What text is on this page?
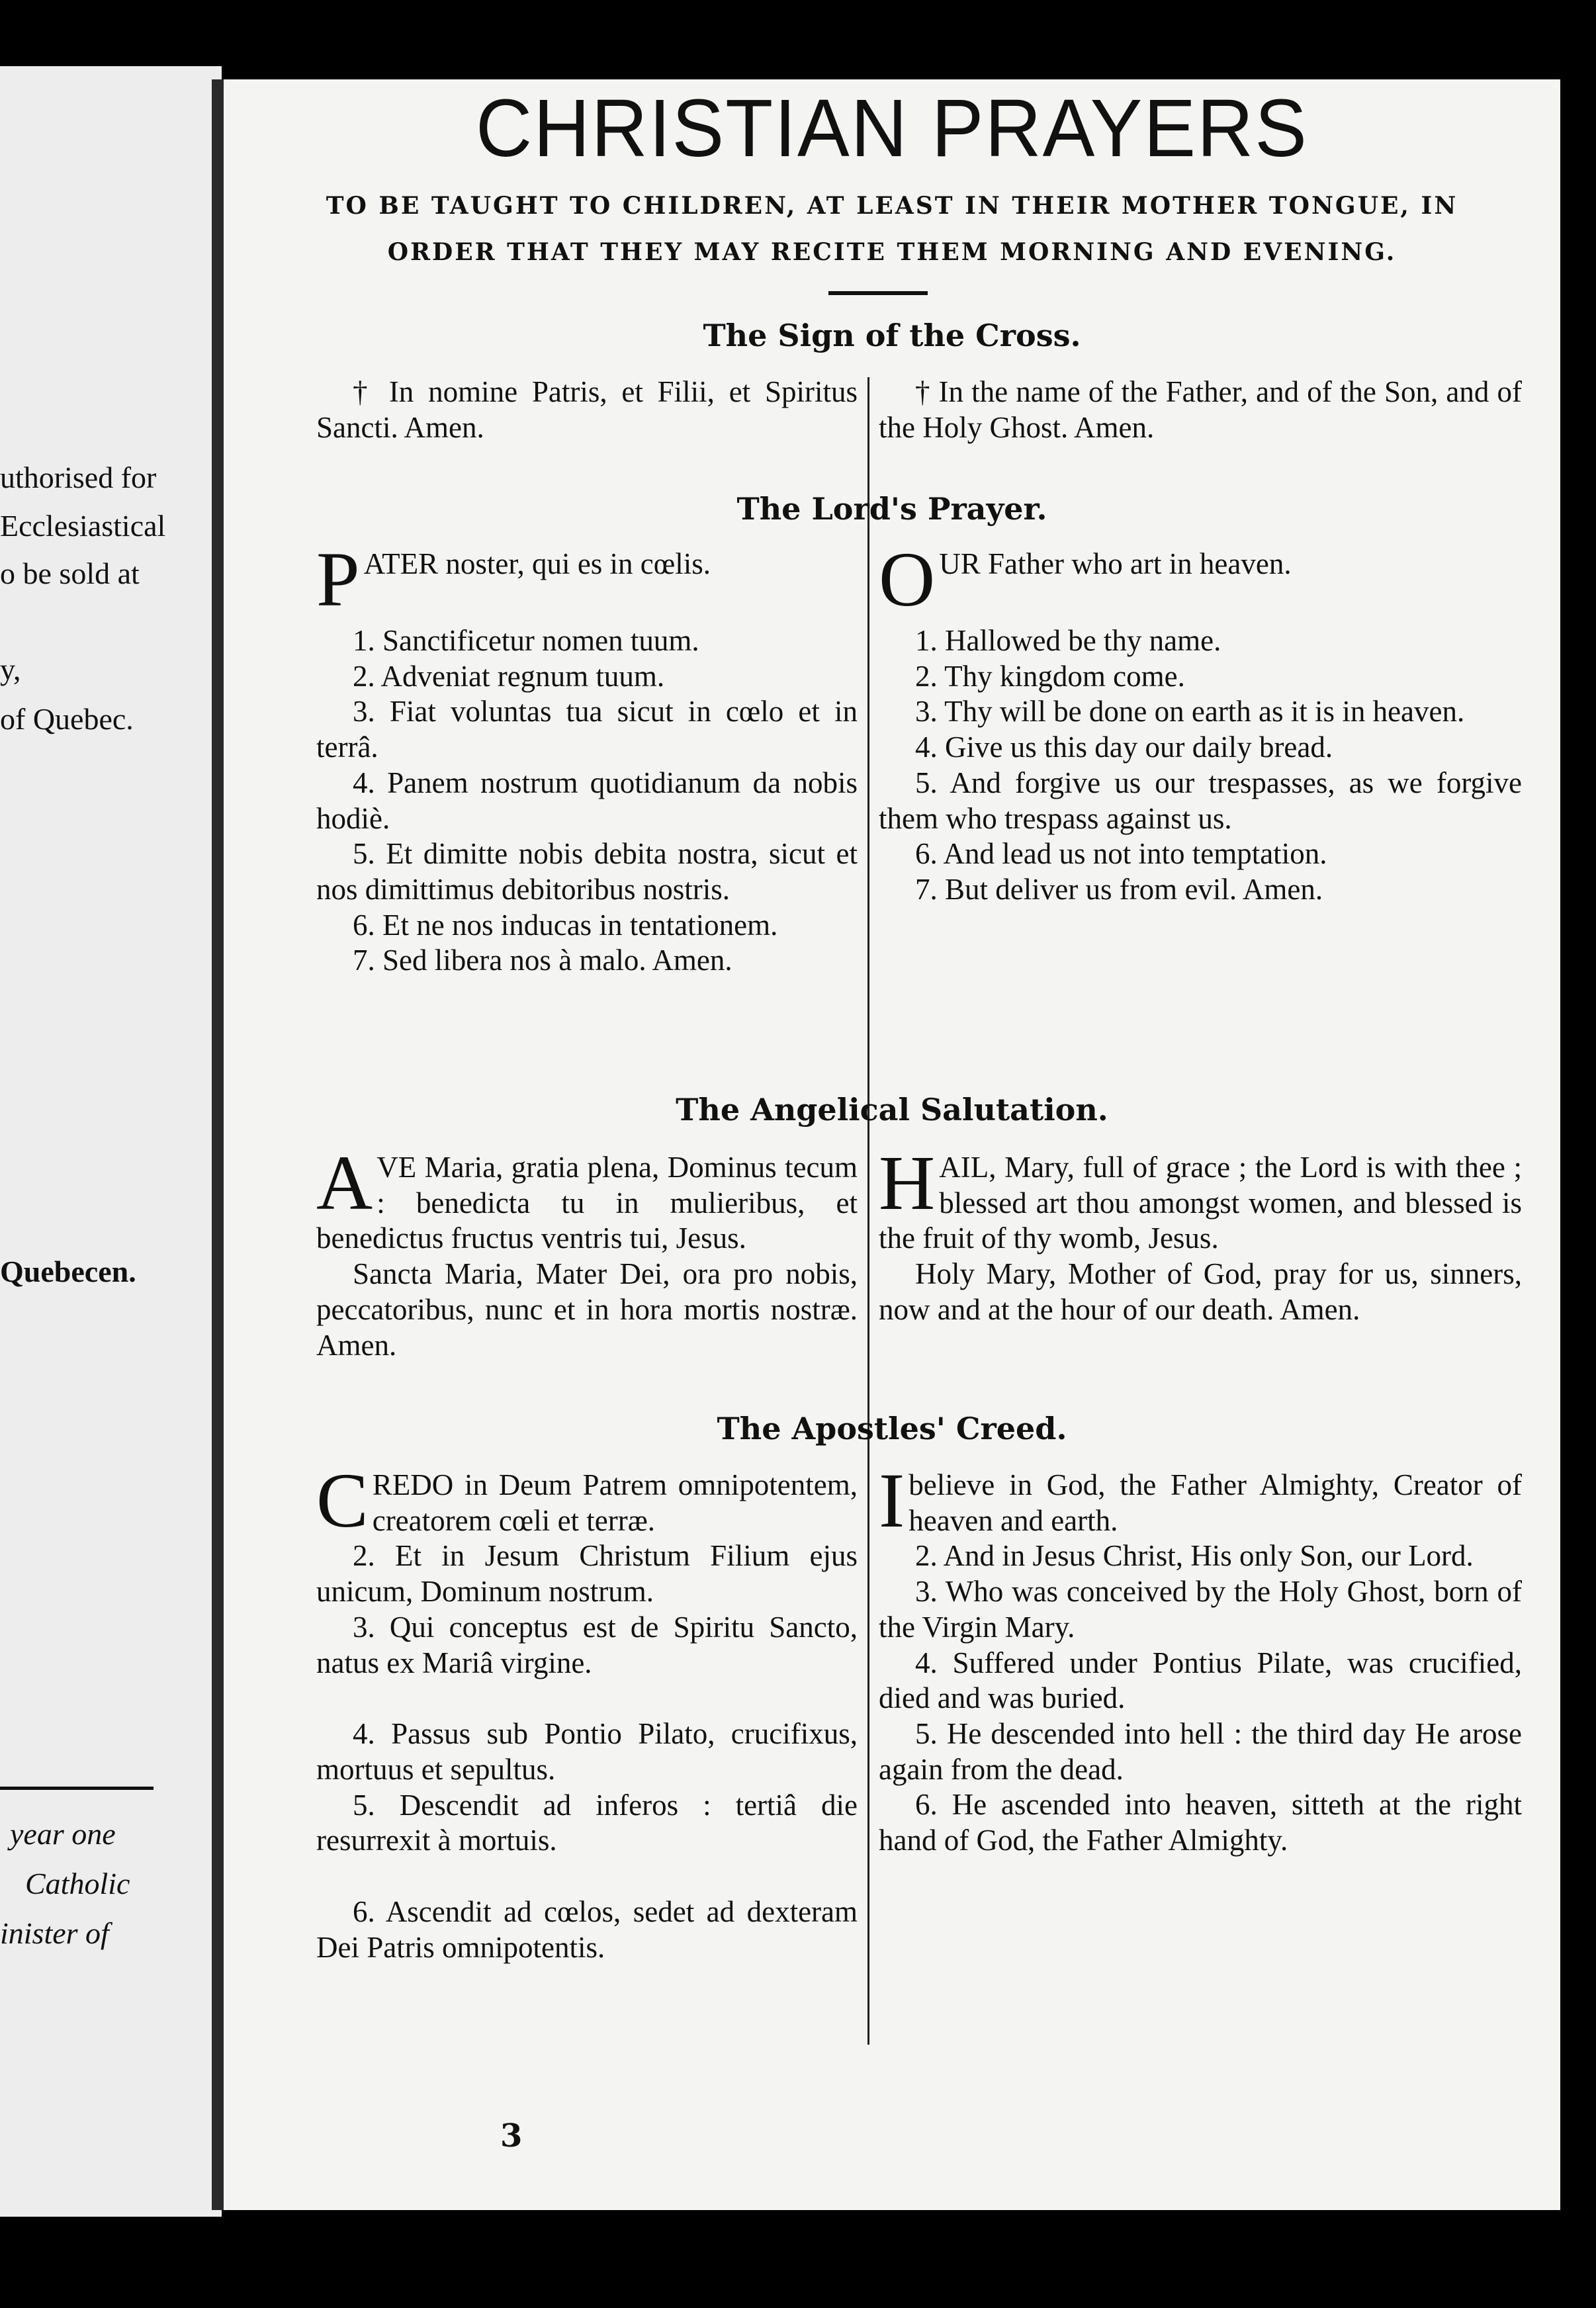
uthorised for
Ecclesiastical
o be sold at
y,
of Quebec.
Quebecen.
year one
Catholic
inister of
CHRISTIAN PRAYERS
TO BE TAUGHT TO CHILDREN, AT LEAST IN THEIR MOTHER TONGUE, IN
ORDER THAT THEY MAY RECITE THEM MORNING AND EVENING.
The Sign of the Cross.

† In nomine Patris, et Filii, et Spiritus Sancti. Amen.

† In the name of the Father, and of the Son, and of the Holy Ghost. Amen.

The Lord's Prayer.

PATER noster, qui es in cœlis.

1. Sanctificetur nomen tuum.

2. Adveniat regnum tuum.

3. Fiat voluntas tua sicut in cœlo et in terrâ.

4. Panem nostrum quotidianum da nobis hodiè.

5. Et dimitte nobis debita nostra, sicut et nos dimittimus debitoribus nostris.

6. Et ne nos inducas in tentationem.

7. Sed libera nos à malo. Amen.

OUR Father who art in heaven.

1. Hallowed be thy name.

2. Thy kingdom come.

3. Thy will be done on earth as it is in heaven.

4. Give us this day our daily bread.

5. And forgive us our trespasses, as we forgive them who trespass against us.

6. And lead us not into temptation.

7. But deliver us from evil. Amen.

The Angelical Salutation.

AVE Maria, gratia plena, Dominus tecum : benedicta tu in mulieribus, et benedictus fructus ventris tui, Jesus.

Sancta Maria, Mater Dei, ora pro nobis, peccatoribus, nunc et in hora mortis nostræ. Amen.

HAIL, Mary, full of grace ; the Lord is with thee ; blessed art thou amongst women, and blessed is the fruit of thy womb, Jesus.

Holy Mary, Mother of God, pray for us, sinners, now and at the hour of our death. Amen.

The Apostles' Creed.

CREDO in Deum Patrem omnipotentem, creatorem cœli et terræ.

2. Et in Jesum Christum Filium ejus unicum, Dominum nostrum.

3. Qui conceptus est de Spiritu Sancto, natus ex Mariâ virgine.

4. Passus sub Pontio Pilato, crucifixus, mortuus et sepultus.

5. Descendit ad inferos : tertiâ die resurrexit à mortuis.

6. Ascendit ad cœlos, sedet ad dexteram Dei Patris omnipotentis.

Ibelieve in God, the Father Almighty, Creator of heaven and earth.

2. And in Jesus Christ, His only Son, our Lord.

3. Who was conceived by the Holy Ghost, born of the Virgin Mary.

4. Suffered under Pontius Pilate, was crucified, died and was buried.

5. He descended into hell : the third day He arose again from the dead.

6. He ascended into heaven, sitteth at the right hand of God, the Father Almighty.

3
